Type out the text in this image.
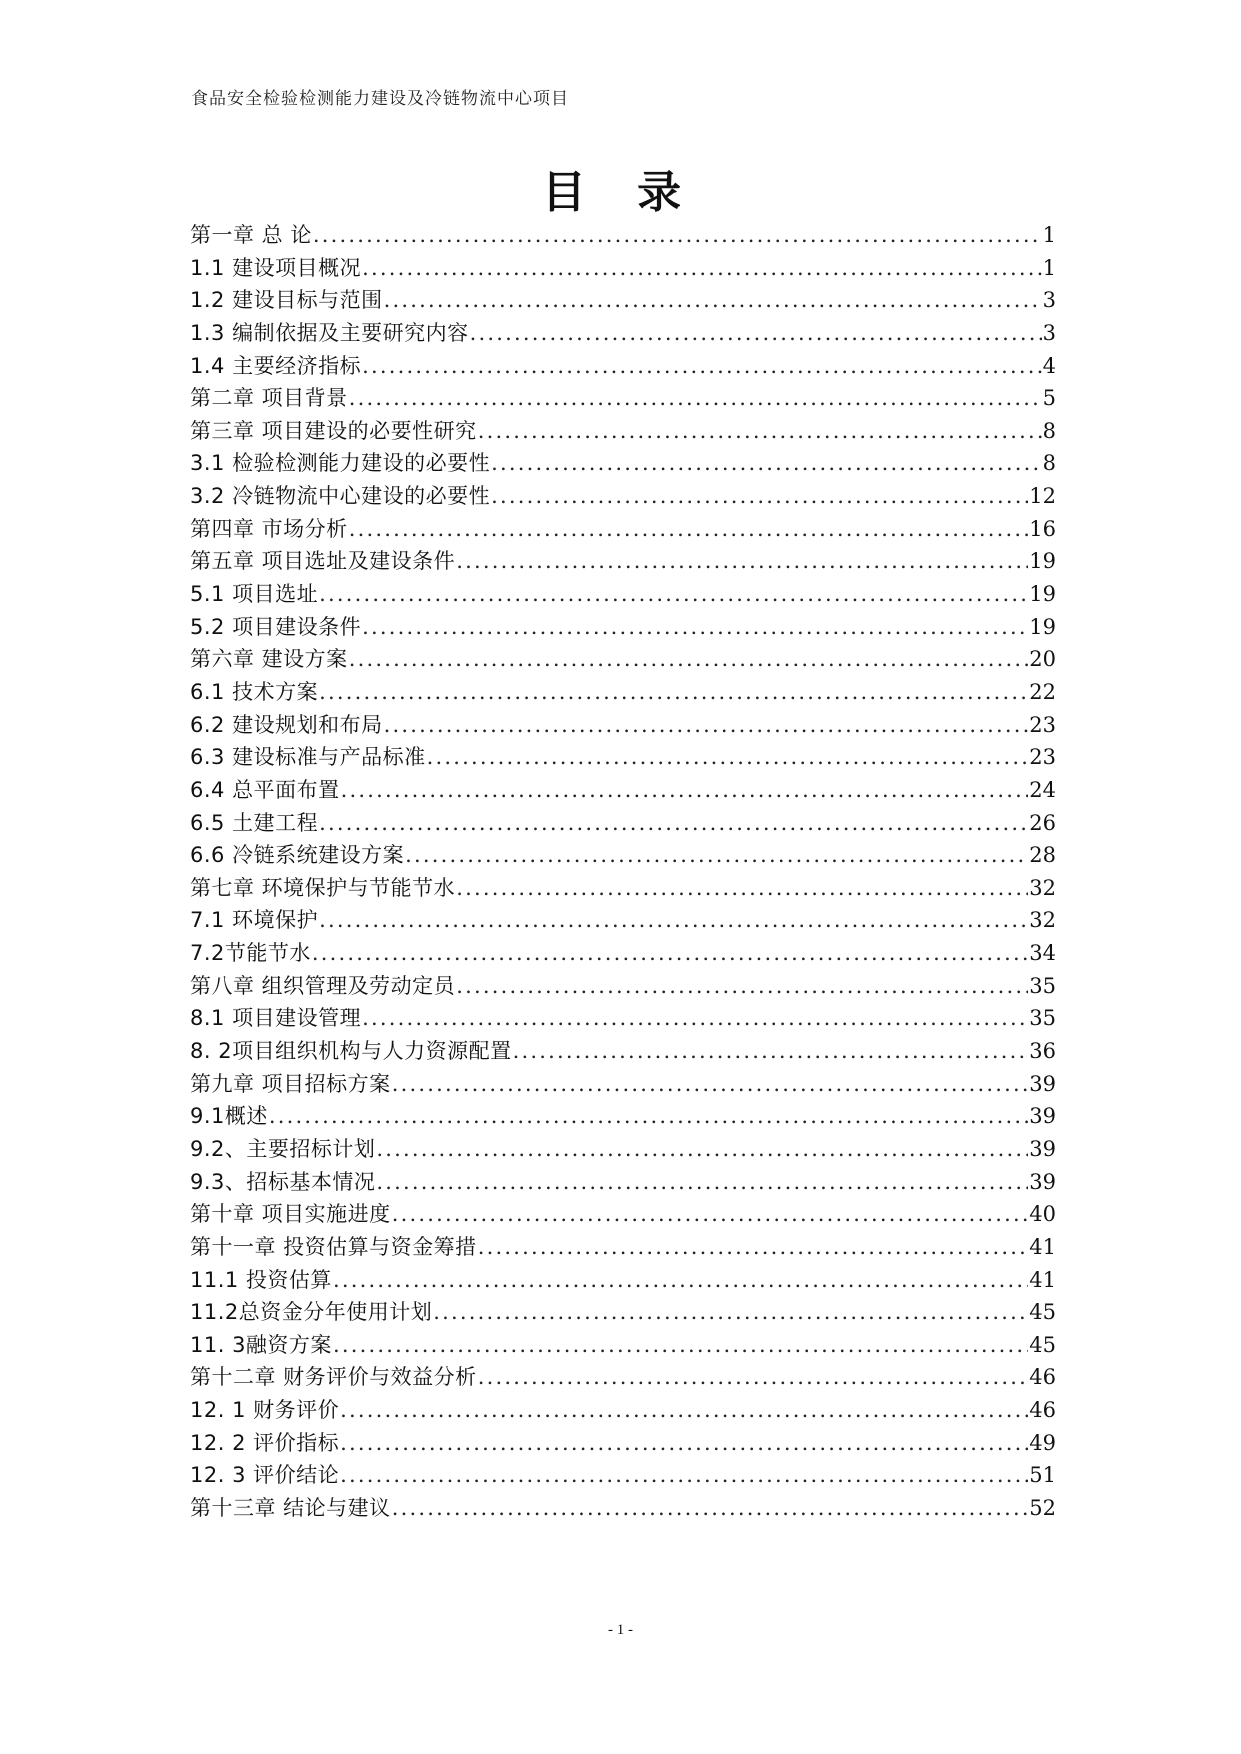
食品安全检验检测能力建设及冷链物流中心项目
目 录
第一章 总 论 .....	1
1.1 建设项目概况 .....	1
1.2 建设目标与范围 .....	3
1.3 编制依据及主要研究内容 .....	3
1.4 主要经济指标 .....	4
第二章 项目背景 .....	5
第三章 项目建设的必要性研究 .....	8
3.1 检验检测能力建设的必要性 .....	8
3.2 冷链物流中心建设的必要性 .....	12
第四章 市场分析 .....	16
第五章 项目选址及建设条件 .....	19
5.1 项目选址 .....	19
5.2 项目建设条件 .....	19
第六章 建设方案 .....	20
6.1 技术方案 .....	22
6.2 建设规划和布局 .....	23
6.3 建设标准与产品标准 .....	23
6.4 总平面布置 .....	24
6.5 土建工程 .....	26
6.6 冷链系统建设方案 .....	28
第七章 环境保护与节能节水 .....	32
7.1 环境保护 .....	32
7.2节能节水 .....	34
第八章 组织管理及劳动定员 .....	35
8.1 项目建设管理 .....	35
8. 2项目组织机构与人力资源配置 .....	36
第九章 项目招标方案 .....	39
9.1概述 .....	39
9.2、主要招标计划 .....	39
9.3、招标基本情况 .....	39
第十章 项目实施进度 .....	40
第十一章 投资估算与资金筹措 .....	41
11.1 投资估算 .....	41
11.2总资金分年使用计划 .....	45
11. 3融资方案 .....	45
第十二章 财务评价与效益分析 .....	46
12. 1 财务评价 .....	46
12. 2 评价指标 .....	49
12. 3 评价结论 .....	51
第十三章 结论与建议 .....	52
- 1 -
